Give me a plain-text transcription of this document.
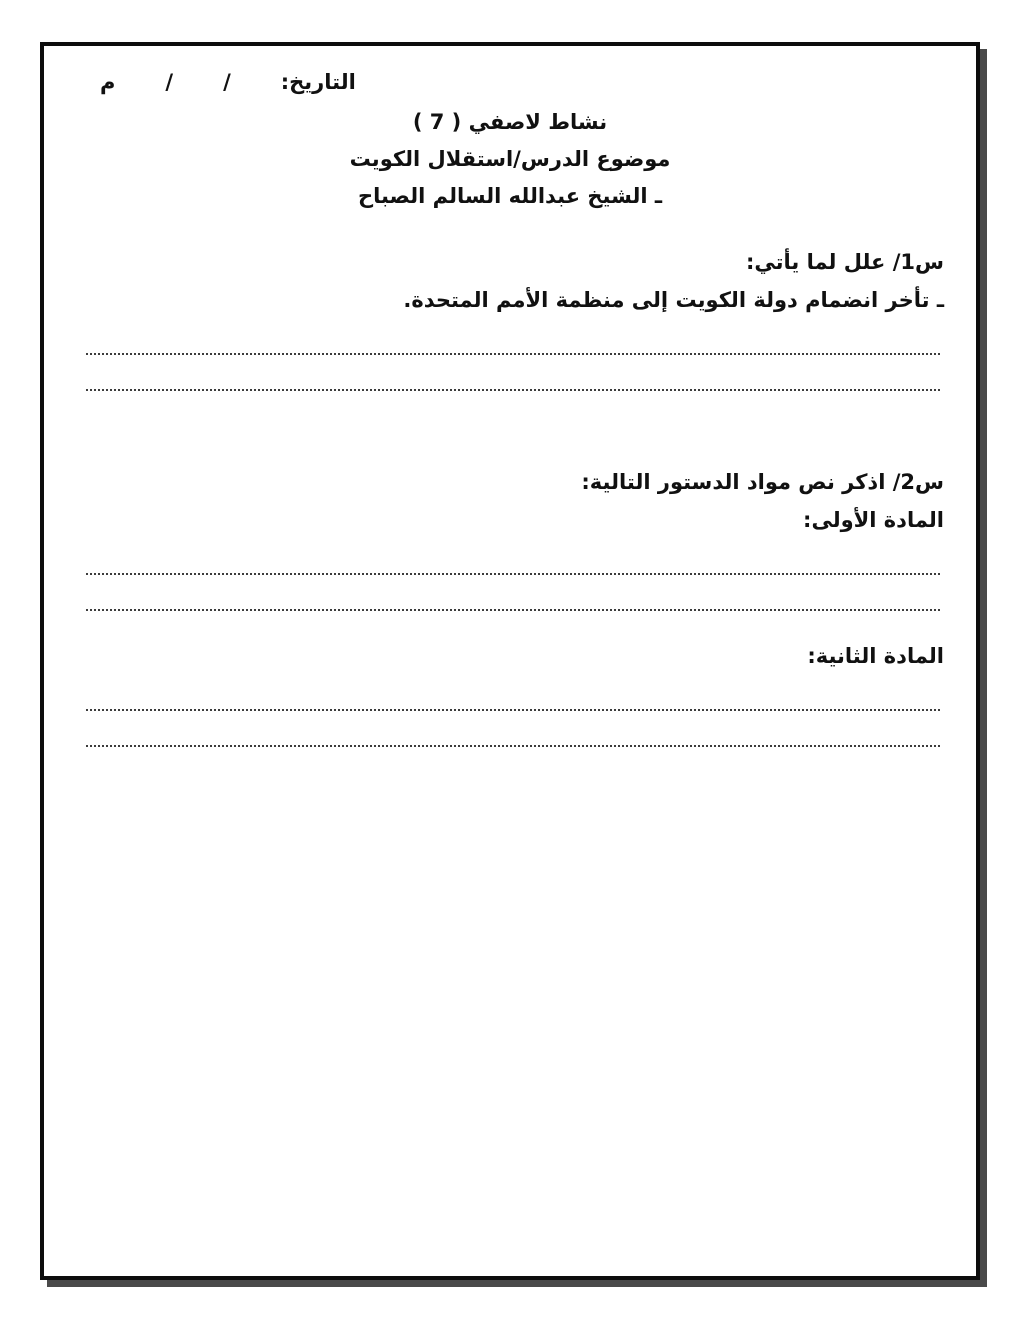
التاريخ:
/
/
م
نشاط لاصفي ( 7 )
موضوع الدرس/استقلال الكويت
ـ الشيخ عبدالله السالم الصباح
س1/ علل لما يأتي:
ـ تأخر انضمام دولة الكويت إلى منظمة الأمم المتحدة.
س2/ اذكر نص مواد الدستور التالية:
المادة الأولى:
المادة الثانية:
